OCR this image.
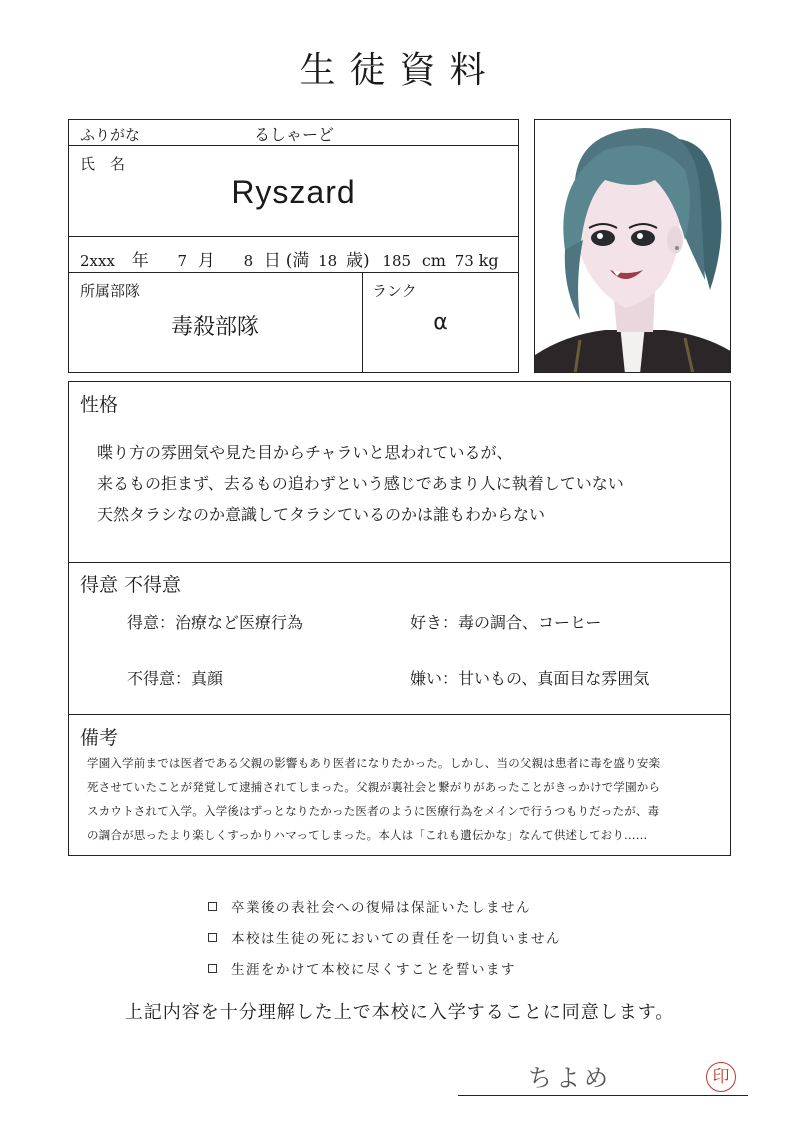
生徒資料
ふりがな	るしゃーど
氏　名
Ryszard
2xxx 年 7 月 8 日 (満 18 歳) 185 cm 73 kg
所属部隊
毒殺部隊
ランク
α
性格
喋り方の雰囲気や見た目からチャラいと思われているが、
来るもの拒まず、去るもの追わずという感じであまり人に執着していない
天然タラシなのか意識してタラシているのかは誰もわからない
得意 不得意
得意：治療など医療行為	好き：毒の調合、コーヒー
不得意：真顔	嫌い：甘いもの、真面目な雰囲気
備考
学園入学前までは医者である父親の影響もあり医者になりたかった。しかし、当の父親は患者に毒を盛り安楽
死させていたことが発覚して逮捕されてしまった。父親が裏社会と繋がりがあったことがきっかけで学園から
スカウトされて入学。入学後はずっとなりたかった医者のように医療行為をメインで行うつもりだったが、毒
の調合が思ったより楽しくすっかりハマってしまった。本人は「これも遺伝かな」なんて供述しており……
卒業後の表社会への復帰は保証いたしません
本校は生徒の死においての責任を一切負いません
生涯をかけて本校に尽くすことを誓います
上記内容を十分理解した上で本校に入学することに同意します。
ちよめ	印
